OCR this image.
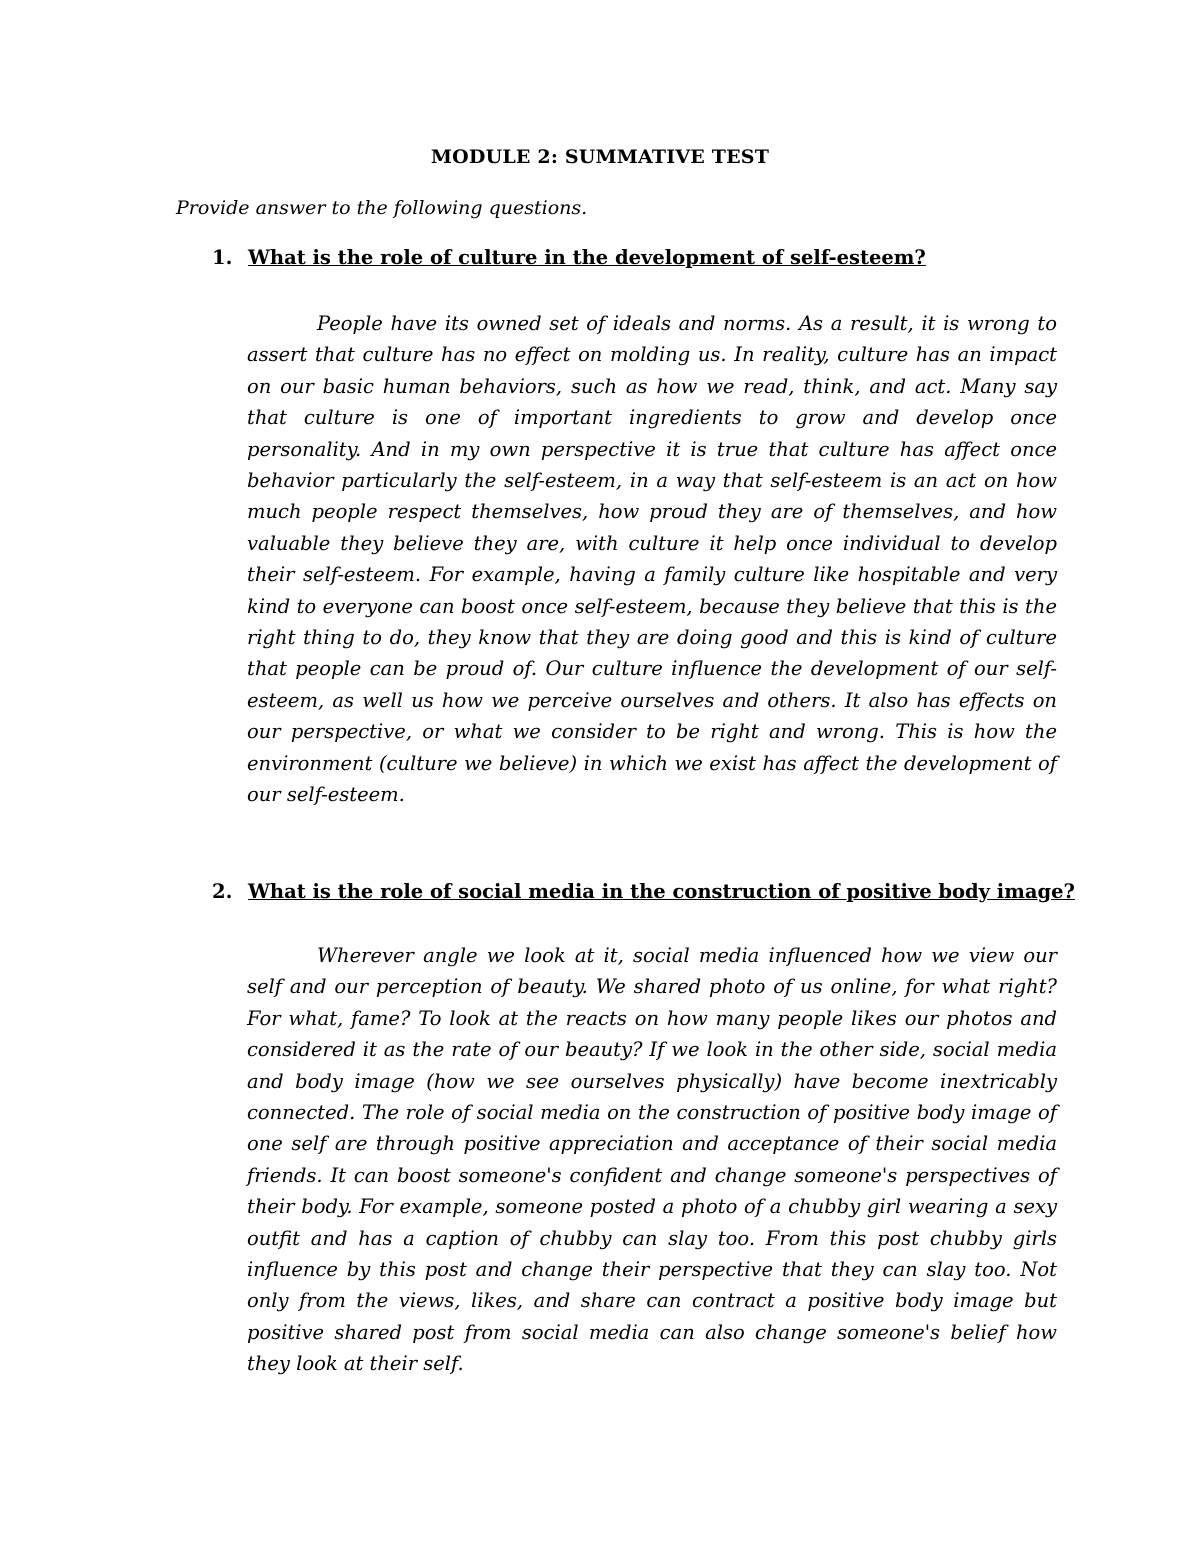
MODULE 2: SUMMATIVE TEST
Provide answer to the following questions.
1. What is the role of culture in the development of self-esteem?

People have its owned set of ideals and norms. As a result, it is wrong to assert that culture has no effect on molding us. In reality, culture has an impact on our basic human behaviors, such as how we read, think, and act. Many say that culture is one of important ingredients to grow and develop once personality. And in my own perspective it is true that culture has affect once behavior particularly the self-esteem, in a way that self-esteem is an act on how much people respect themselves, how proud they are of themselves, and how valuable they believe they are, with culture it help once individual to develop their self-esteem. For example, having a family culture like hospitable and very kind to everyone can boost once self-esteem, because they believe that this is the right thing to do, they know that they are doing good and this is kind of culture that people can be proud of. Our culture influence the development of our self-esteem, as well us how we perceive ourselves and others. It also has effects on our perspective, or what we consider to be right and wrong. This is how the environment (culture we believe) in which we exist has affect the development of our self-esteem.

2. What is the role of social media in the construction of positive body image?

Wherever angle we look at it, social media influenced how we view our self and our perception of beauty. We shared photo of us online, for what right? For what, fame? To look at the reacts on how many people likes our photos and considered it as the rate of our beauty? If we look in the other side, social media and body image (how we see ourselves physically) have become inextricably connected. The role of social media on the construction of positive body image of one self are through positive appreciation and acceptance of their social media friends. It can boost someone's confident and change someone's perspectives of their body. For example, someone posted a photo of a chubby girl wearing a sexy outfit and has a caption of chubby can slay too. From this post chubby girls influence by this post and change their perspective that they can slay too. Not only from the views, likes, and share can contract a positive body image but positive shared post from social media can also change someone's belief how they look at their self.
